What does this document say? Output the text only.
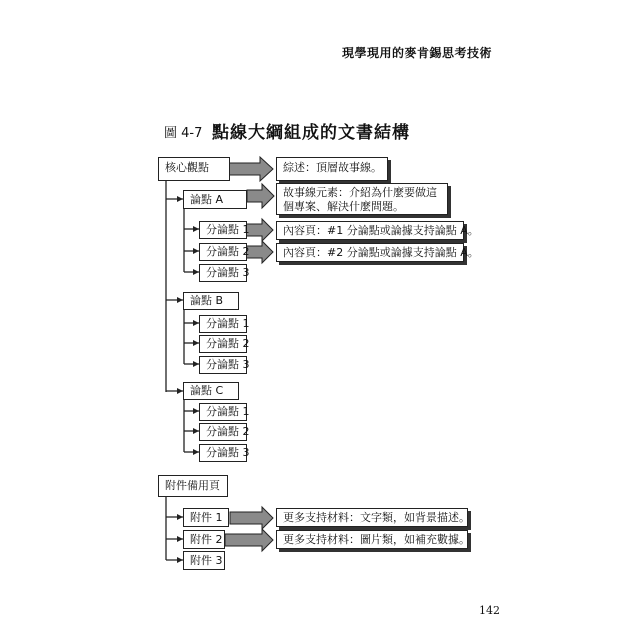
現學現用的麥肯錫思考技術
圖 4-7 點線大綱組成的文書結構
核心觀點	綜述：頂層故事線。
論點 A
故事線元素：介紹為什麼要做這個專案、解決什麼問題。
分論點 1
分論點 2
分論點 3
內容頁：#1 分論點或論據支持論點 A。
內容頁：#2 分論點或論據支持論點 A。
論點 B
分論點 1
分論點 2
分論點 3
論點 C
分論點 1
分論點 2
分論點 3
附件備用頁
附件 1
附件 2
附件 3
更多支持材料：文字類，如背景描述。
更多支持材料：圖片類，如補充數據。
142
